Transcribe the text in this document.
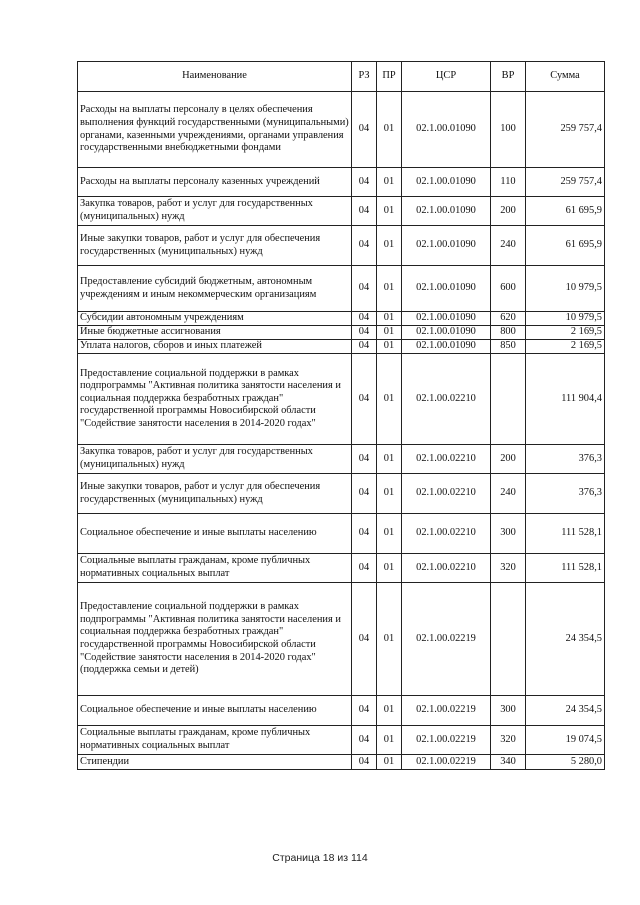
Наименование	РЗ	ПР	ЦСР	ВР	Сумма
Расходы на выплаты персоналу в целях обеспечения выполнения функций государственными (муниципальными) органами, казенными учреждениями, органами управления государственными внебюджетными фондами	04	01	02.1.00.01090	100	259 757,4
Расходы на выплаты персоналу казенных учреждений	04	01	02.1.00.01090	110	259 757,4
Закупка товаров, работ и услуг для государственных (муниципальных) нужд	04	01	02.1.00.01090	200	61 695,9
Иные закупки товаров, работ и услуг для обеспечения государственных (муниципальных) нужд	04	01	02.1.00.01090	240	61 695,9
Предоставление субсидий бюджетным, автономным учреждениям и иным некоммерческим организациям	04	01	02.1.00.01090	600	10 979,5
Субсидии автономным учреждениям	04	01	02.1.00.01090	620	10 979,5
Иные бюджетные ассигнования	04	01	02.1.00.01090	800	2 169,5
Уплата налогов, сборов и иных платежей	04	01	02.1.00.01090	850	2 169,5
Предоставление социальной поддержки в рамках подпрограммы "Активная политика занятости населения и социальная поддержка безработных граждан" государственной программы Новосибирской области "Содействие занятости населения в 2014-2020 годах"	04	01	02.1.00.02210		111 904,4
Закупка товаров, работ и услуг для государственных (муниципальных) нужд	04	01	02.1.00.02210	200	376,3
Иные закупки товаров, работ и услуг для обеспечения государственных (муниципальных) нужд	04	01	02.1.00.02210	240	376,3
Социальное обеспечение и иные выплаты населению	04	01	02.1.00.02210	300	111 528,1
Социальные выплаты гражданам, кроме публичных нормативных социальных выплат	04	01	02.1.00.02210	320	111 528,1
Предоставление социальной поддержки в рамках подпрограммы "Активная политика занятости населения и социальная поддержка безработных граждан" государственной программы Новосибирской области "Содействие занятости населения в 2014-2020 годах" (поддержка семьи и детей)	04	01	02.1.00.02219		24 354,5
Социальное обеспечение и иные выплаты населению	04	01	02.1.00.02219	300	24 354,5
Социальные выплаты гражданам, кроме публичных нормативных социальных выплат	04	01	02.1.00.02219	320	19 074,5
Стипендии	04	01	02.1.00.02219	340	5 280,0
Страница 18 из 114
